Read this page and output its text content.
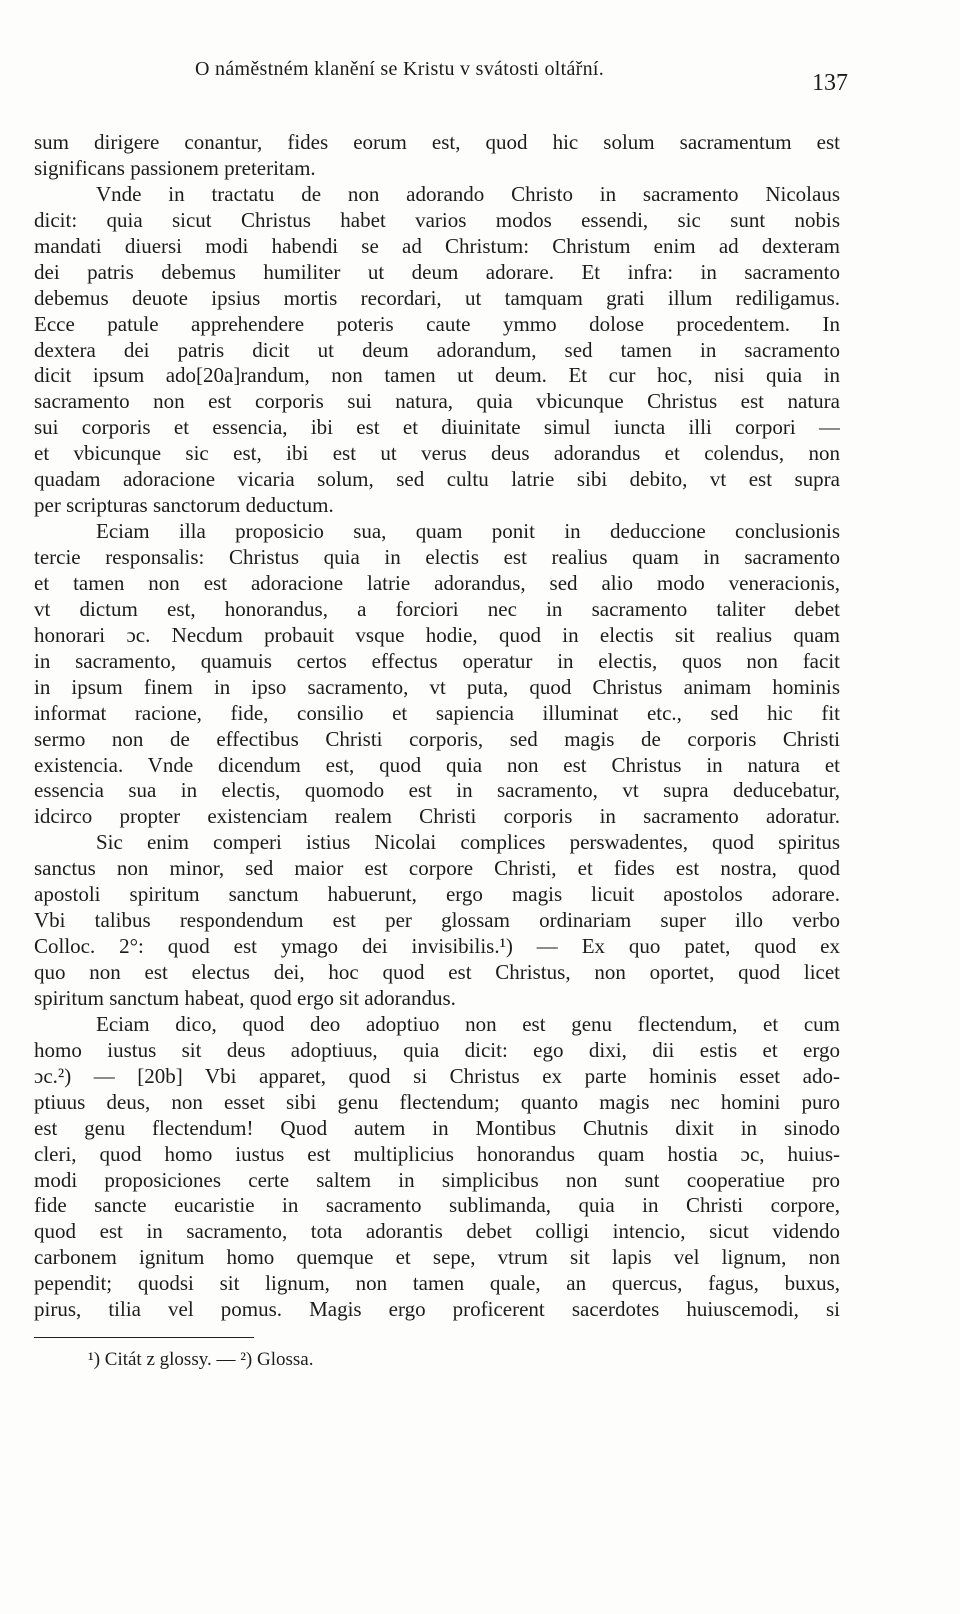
O náměstném klanění se Kristu v svátosti oltářní.
137
sum dirigere conantur, fides eorum est, quod hic solum sacramentum est
significans passionem preteritam.
Vnde in tractatu de non adorando Christo in sacramento Nicolaus
dicit: quia sicut Christus habet varios modos essendi, sic sunt nobis
mandati diuersi modi habendi se ad Christum: Christum enim ad dexteram
dei patris debemus humiliter ut deum adorare. Et infra: in sacramento
debemus deuote ipsius mortis recordari, ut tamquam grati illum rediligamus.
Ecce patule apprehendere poteris caute ymmo dolose procedentem. In
dextera dei patris dicit ut deum adorandum, sed tamen in sacramento
dicit ipsum ado[20a]randum, non tamen ut deum. Et cur hoc, nisi quia in
sacramento non est corporis sui natura, quia vbicunque Christus est natura
sui corporis et essencia, ibi est et diuinitate simul iuncta illi corpori —
et vbicunque sic est, ibi est ut verus deus adorandus et colendus, non
quadam adoracione vicaria solum, sed cultu latrie sibi debito, vt est supra
per scripturas sanctorum deductum.
Eciam illa proposicio sua, quam ponit in deduccione conclusionis
tercie responsalis: Christus quia in electis est realius quam in sacramento
et tamen non est adoracione latrie adorandus, sed alio modo veneracionis,
vt dictum est, honorandus, a forciori nec in sacramento taliter debet
honorari ɔc. Necdum probauit vsque hodie, quod in electis sit realius quam
in sacramento, quamuis certos effectus operatur in electis, quos non facit
in ipsum finem in ipso sacramento, vt puta, quod Christus animam hominis
informat racione, fide, consilio et sapiencia illuminat etc., sed hic fit
sermo non de effectibus Christi corporis, sed magis de corporis Christi
existencia. Vnde dicendum est, quod quia non est Christus in natura et
essencia sua in electis, quomodo est in sacramento, vt supra deducebatur,
idcirco propter existenciam realem Christi corporis in sacramento adoratur.
Sic enim comperi istius Nicolai complices perswadentes, quod spiritus
sanctus non minor, sed maior est corpore Christi, et fides est nostra, quod
apostoli spiritum sanctum habuerunt, ergo magis licuit apostolos adorare.
Vbi talibus respondendum est per glossam ordinariam super illo verbo
Colloc. 2°: quod est ymago dei invisibilis.¹) — Ex quo patet, quod ex
quo non est electus dei, hoc quod est Christus, non oportet, quod licet
spiritum sanctum habeat, quod ergo sit adorandus.
Eciam dico, quod deo adoptiuo non est genu flectendum, et cum
homo iustus sit deus adoptiuus, quia dicit: ego dixi, dii estis et ergo
ɔc.²) — [20b] Vbi apparet, quod si Christus ex parte hominis esset ado-
ptiuus deus, non esset sibi genu flectendum; quanto magis nec homini puro
est genu flectendum! Quod autem in Montibus Chutnis dixit in sinodo
cleri, quod homo iustus est multiplicius honorandus quam hostia ɔc, huius-
modi proposiciones certe saltem in simplicibus non sunt cooperatiue pro
fide sancte eucaristie in sacramento sublimanda, quia in Christi corpore,
quod est in sacramento, tota adorantis debet colligi intencio, sicut videndo
carbonem ignitum homo quemque et sepe, vtrum sit lapis vel lignum, non
pependit; quodsi sit lignum, non tamen quale, an quercus, fagus, buxus,
pirus, tilia vel pomus. Magis ergo proficerent sacerdotes huiuscemodi, si
¹) Citát z glossy. — ²) Glossa.
